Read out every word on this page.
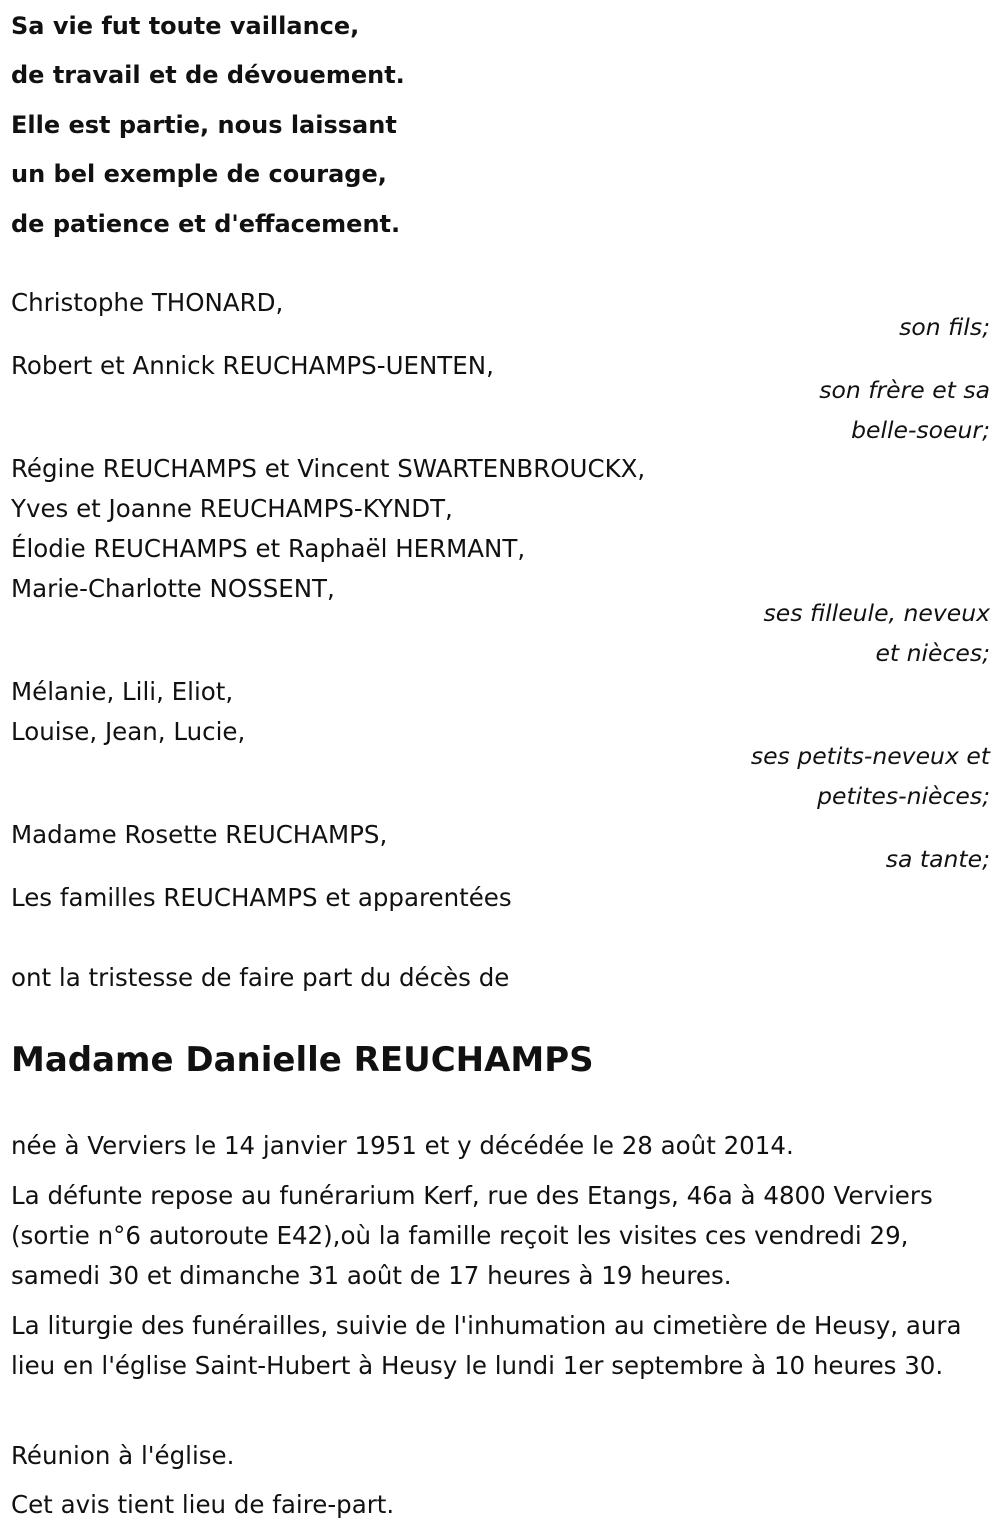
Sa vie fut toute vaillance,
de travail et de dévouement.
Elle est partie, nous laissant
un bel exemple de courage,
de patience et d'effacement.
Christophe THONARD,
son fils;
Robert et Annick REUCHAMPS-UENTEN,
son frère et sa
belle-soeur;
Régine REUCHAMPS et Vincent SWARTENBROUCKX,
Yves et Joanne REUCHAMPS-KYNDT,
Élodie REUCHAMPS et Raphaël HERMANT,
Marie-Charlotte NOSSENT,
ses filleule, neveux
et nièces;
Mélanie, Lili, Eliot,
Louise, Jean, Lucie,
ses petits-neveux et
petites-nièces;
Madame Rosette REUCHAMPS,
sa tante;
Les familles REUCHAMPS et apparentées
ont la tristesse de faire part du décès de
Madame Danielle REUCHAMPS
née à Verviers le 14 janvier 1951 et y décédée le 28 août 2014.
La défunte repose au funérarium Kerf, rue des Etangs, 46a à 4800 Verviers (sortie n°6 autoroute E42),où la famille reçoit les visites ces vendredi 29, samedi 30 et dimanche 31 août de 17 heures à 19 heures.
La liturgie des funérailles, suivie de l'inhumation au cimetière de Heusy, aura lieu en l'église Saint-Hubert à Heusy le lundi 1er septembre à 10 heures 30.
Réunion à l'église.
Cet avis tient lieu de faire-part.
